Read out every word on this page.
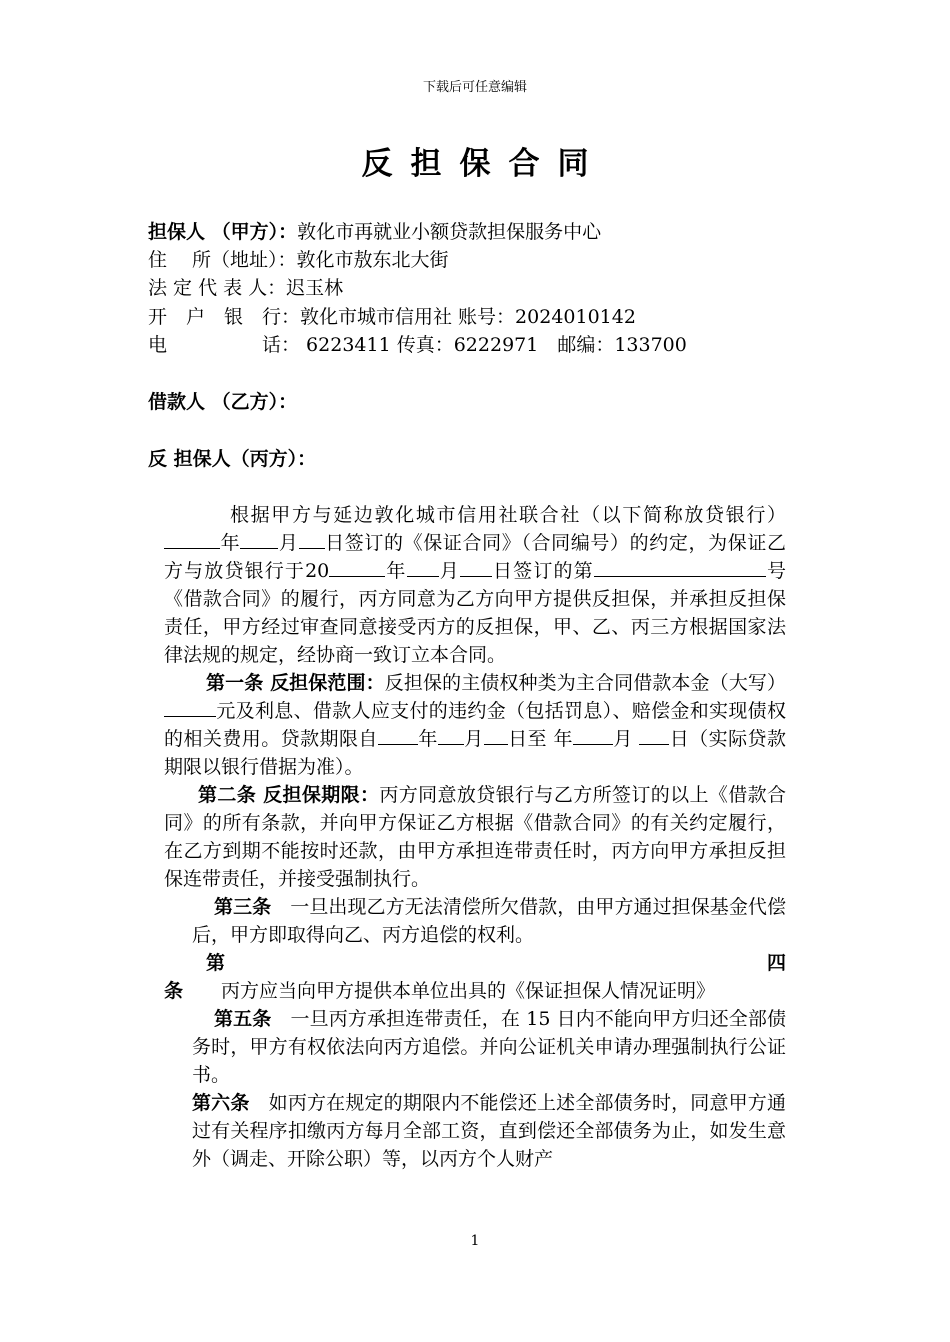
下载后可任意编辑
反担保合同
担保人 （甲方）：敦化市再就业小额贷款担保服务中心
住　 所（地址）：敦化市敖东北大街
法 定 代 表 人：迟玉林
开　户　银　行：敦化市城市信用社 账号：2024010142
电　　　　　话： 6223411 传真：6222971　邮编：133700
借款人 （乙方）：
反 担保人（丙方）：

根据甲方与延边敦化城市信用社联合社（以下简称放贷银行）年 月 日签订的《保证合同》（合同编号）的约定，为保证乙方与放贷银行于20	年 月 日签订的第	号 《借款合同》的履行，丙方同意为乙方向甲方提供反担保，并承担反担保责任，甲方经过审查同意接受丙方的反担保，甲、乙、丙三方根据国家法律法规的规定，经协商一致订立本合同。

第一条 反担保范围：反担保的主债权种类为主合同借款本金（大写）元及利息、借款人应支付的违约金（包括罚息）、赔偿金和实现债权的相关费用。贷款期限自 年 月 日至 年 月 日（实际贷款期限以银行借据为准）。

第二条 反担保期限：丙方同意放贷银行与乙方所签订的以上《借款合同》的所有条款，并向甲方保证乙方根据《借款合同》的有关约定履行，在乙方到期不能按时还款，由甲方承担连带责任时，丙方向甲方承担反担保连带责任，并接受强制执行。

第三条　一旦出现乙方无法清偿所欠借款，由甲方通过担保基金代偿后，甲方即取得向乙、丙方追偿的权利。

第四条　　丙方应当向甲方提供本单位出具的《保证担保人情况证明》

第五条　一旦丙方承担连带责任，在 15 日内不能向甲方归还全部债务时，甲方有权依法向丙方追偿。并向公证机关申请办理强制执行公证书。

第六条　如丙方在规定的期限内不能偿还上述全部债务时，同意甲方通过有关程序扣缴丙方每月全部工资，直到偿还全部债务为止，如发生意外（调走、开除公职）等，以丙方个人财产

1
